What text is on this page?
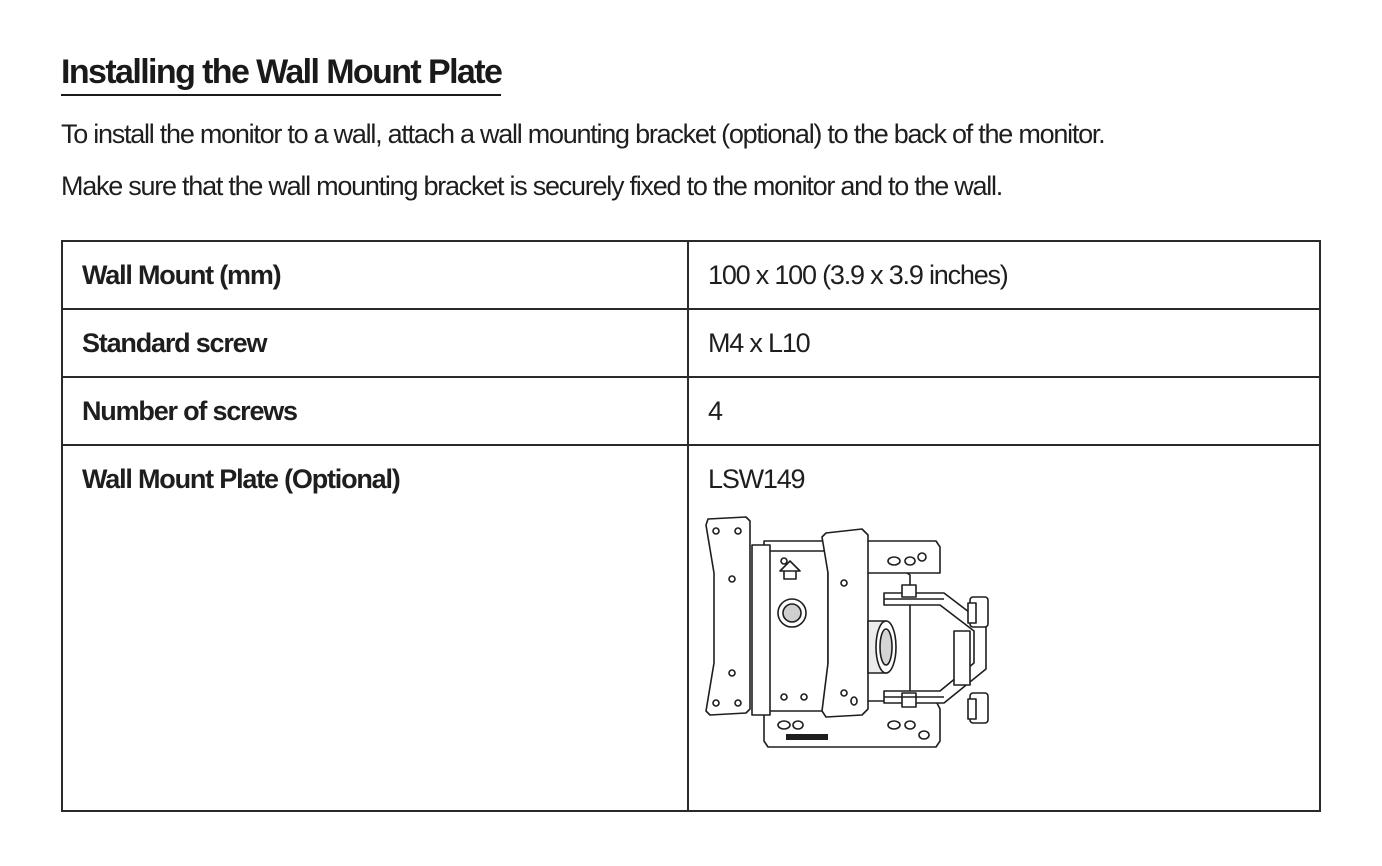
Installing the Wall Mount Plate

To install the monitor to a wall, attach a wall mounting bracket (optional) to the back of the monitor.

Make sure that the wall mounting bracket is securely fixed to the monitor and to the wall.

Wall Mount (mm)	100 x 100 (3.9 x 3.9 inches)
Standard screw	M4 x L10
Number of screws	4
Wall Mount Plate (Optional)	LSW149
